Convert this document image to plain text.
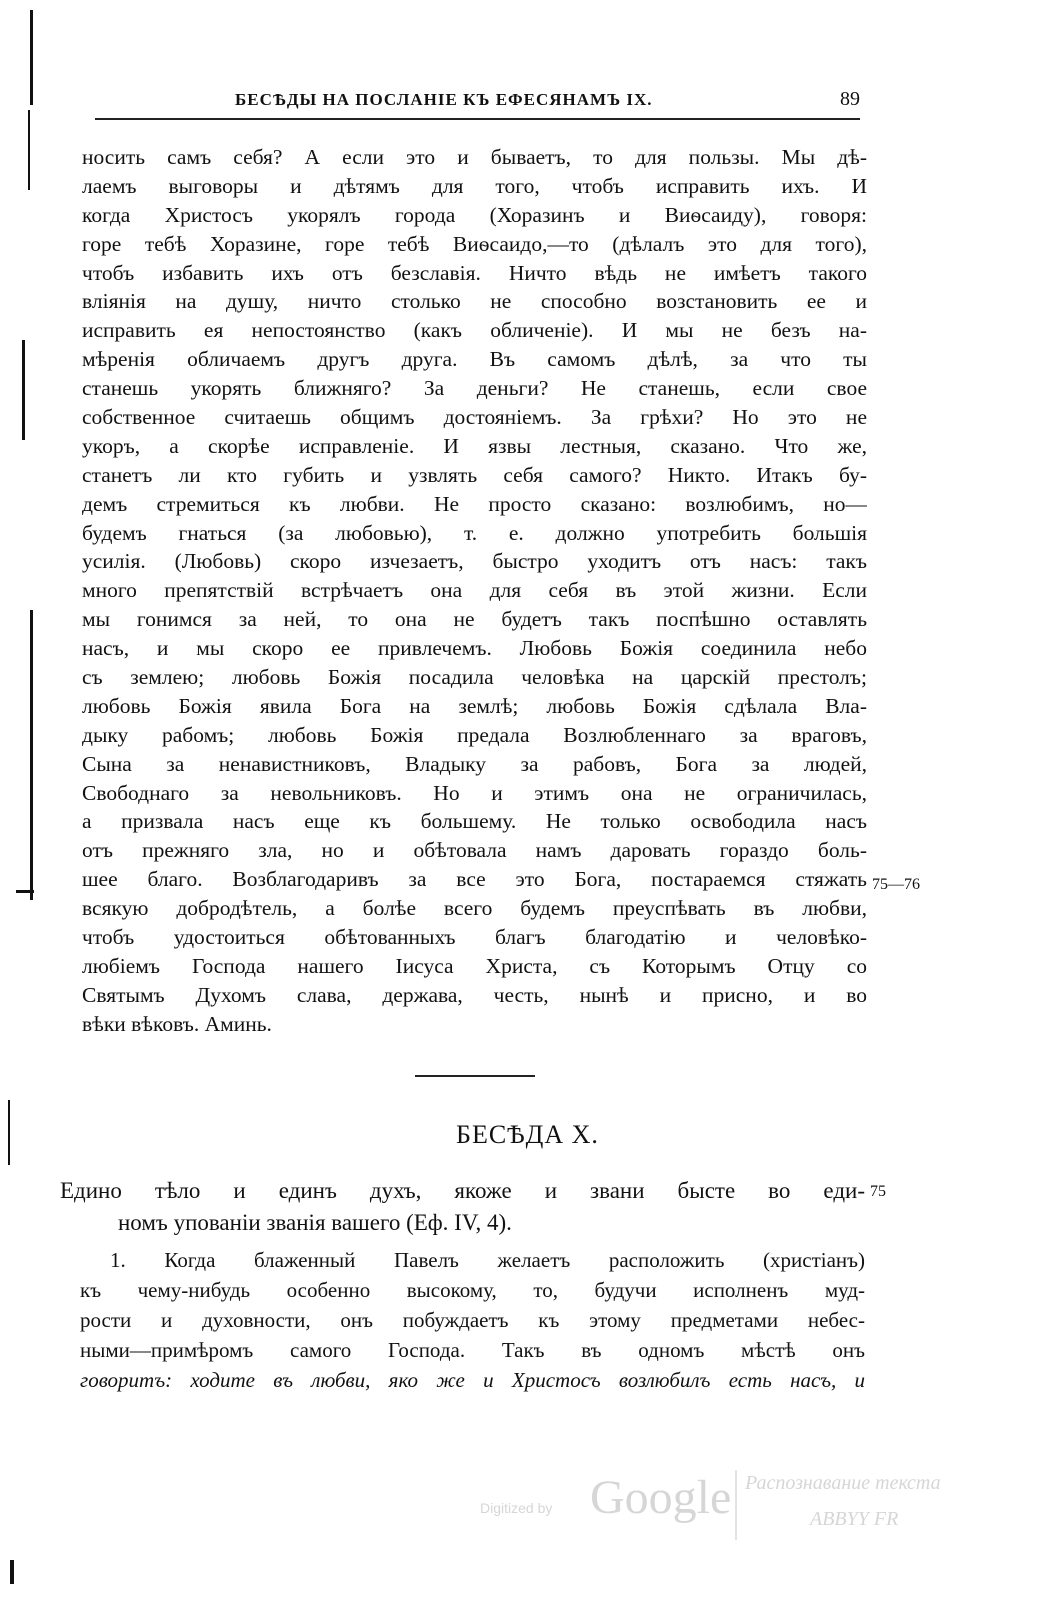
БЕСѢДЫ НА ПОСЛАНІЕ КЪ ЕФЕСЯНАМЪ IX.	89
носить самъ себя? А если это и бываетъ, то для пользы. Мы дѣ-
лаемъ выговоры и дѣтямъ для того, чтобъ исправить ихъ. И
когда Христосъ укорялъ города (Хоразинъ и Виѳсаиду), говоря:
горе тебѣ Хоразине, горе тебѣ Виѳсаидо,—то (дѣлалъ это для того),
чтобъ избавить ихъ отъ безславія. Ничто вѣдь не имѣетъ такого
вліянія на душу, ничто столько не способно возстановить ее и
исправить ея непостоянство (какъ обличеніе). И мы не безъ на-
мѣренія обличаемъ другъ друга. Въ самомъ дѣлѣ, за что ты
станешь укорять ближняго? За деньги? Не станешь, если свое
собственное считаешь общимъ достояніемъ. За грѣхи? Но это не
укоръ, а скорѣе исправленіе. И язвы лестныя, сказано. Что же,
станетъ ли кто губить и узвлять себя самого? Никто. Итакъ бу-
демъ стремиться къ любви. Не просто сказано: возлюбимъ, но—
будемъ гнаться (за любовью), т. е. должно употребить большія
усилія. (Любовь) скоро изчезаетъ, быстро уходитъ отъ насъ: такъ
много препятствій встрѣчаетъ она для себя въ этой жизни. Если
мы гонимся за ней, то она не будетъ такъ поспѣшно оставлять
насъ, и мы скоро ее привлечемъ. Любовь Божія соединила небо
съ землею; любовь Божія посадила человѣка на царскій престолъ;
любовь Божія явила Бога на землѣ; любовь Божія сдѣлала Вла-
дыку рабомъ; любовь Божія предала Возлюбленнаго за враговъ,
Сына за ненавистниковъ, Владыку за рабовъ, Бога за людей,
Свободнаго за невольниковъ. Но и этимъ она не ограничилась,
а призвала насъ еще къ большему. Не только освободила насъ
отъ прежняго зла, но и обѣтовала намъ даровать гораздо боль-
шее благо. Возблагодаривъ за все это Бога, постараемся стяжать
всякую добродѣтель, а болѣе всего будемъ преуспѣвать въ любви,
чтобъ удостоиться обѣтованныхъ благъ благодатію и человѣко-
любіемъ Господа нашего Іисуса Христа, съ Которымъ Отцу со
Святымъ Духомъ слава, держава, честь, нынѣ и присно, и во
вѣки вѣковъ. Аминь.
75—76
БЕСѢДА X.
Едино тѣло и единъ духъ, якоже и звани бысте во еди-
номъ упованіи званія вашего (Еф. IV, 4).
75
1. Когда блаженный Павелъ желаетъ расположить (христіанъ)
къ чему-нибудь особенно высокому, то, будучи исполненъ муд-
рости и духовности, онъ побуждаетъ къ этому предметами небес-
ными—примѣромъ самого Господа. Такъ въ одномъ мѣстѣ онъ
говоритъ: ходите въ любви, яко же и Христосъ возлюбилъ есть насъ, и
Digitized by Google Распознавание текста
ABBYY FR
